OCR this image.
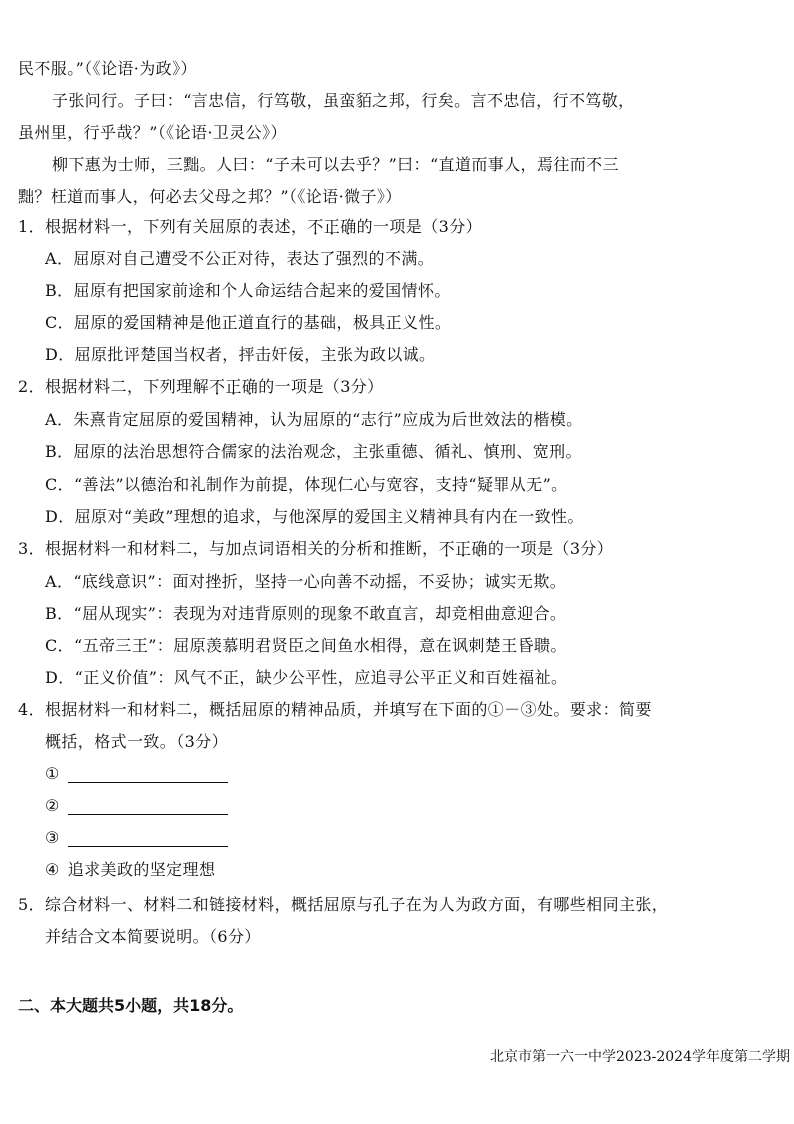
民不服。”（《论语·为政》）
子张问行。子曰：“言忠信，行笃敬，虽蛮貊之邦，行矣。言不忠信，行不笃敬，
虽州里，行乎哉？”（《论语·卫灵公》）
柳下惠为士师，三黜。人曰：“子未可以去乎？”曰：“直道而事人，焉往而不三
黜？枉道而事人，何必去父母之邦？”（《论语·微子》）
1．根据材料一，下列有关屈原的表述，不正确的一项是（3分）
A．屈原对自己遭受不公正对待，表达了强烈的不满。
B．屈原有把国家前途和个人命运结合起来的爱国情怀。
C．屈原的爱国精神是他正道直行的基础，极具正义性。
D．屈原批评楚国当权者，抨击奸佞，主张为政以诚。
2．根据材料二，下列理解不正确的一项是（3分）
A．朱熹肯定屈原的爱国精神，认为屈原的“志行”应成为后世效法的楷模。
B．屈原的法治思想符合儒家的法治观念，主张重德、循礼、慎刑、宽刑。
C．“善法”以德治和礼制作为前提，体现仁心与宽容，支持“疑罪从无”。
D．屈原对“美政”理想的追求，与他深厚的爱国主义精神具有内在一致性。
3．根据材料一和材料二，与加点词语相关的分析和推断，不正确的一项是（3分）
A．“底线意识”：面对挫折，坚持一心向善不动摇，不妥协；诚实无欺。
B．“屈从现实”：表现为对违背原则的现象不敢直言，却竞相曲意迎合。
C．“五帝三王”：屈原羡慕明君贤臣之间鱼水相得，意在讽刺楚王昏聩。
D．“正义价值”：风气不正，缺少公平性，应追寻公平正义和百姓福祉。
4．根据材料一和材料二，概括屈原的精神品质，并填写在下面的①－③处。要求：简要
概括，格式一致。（3分）
①
②
③
④ 追求美政的坚定理想
5．综合材料一、材料二和链接材料，概括屈原与孔子在为人为政方面，有哪些相同主张，
并结合文本简要说明。（6分）
二、本大题共5小题，共18分。
北京市第一六一中学2023-2024学年度第二学期
